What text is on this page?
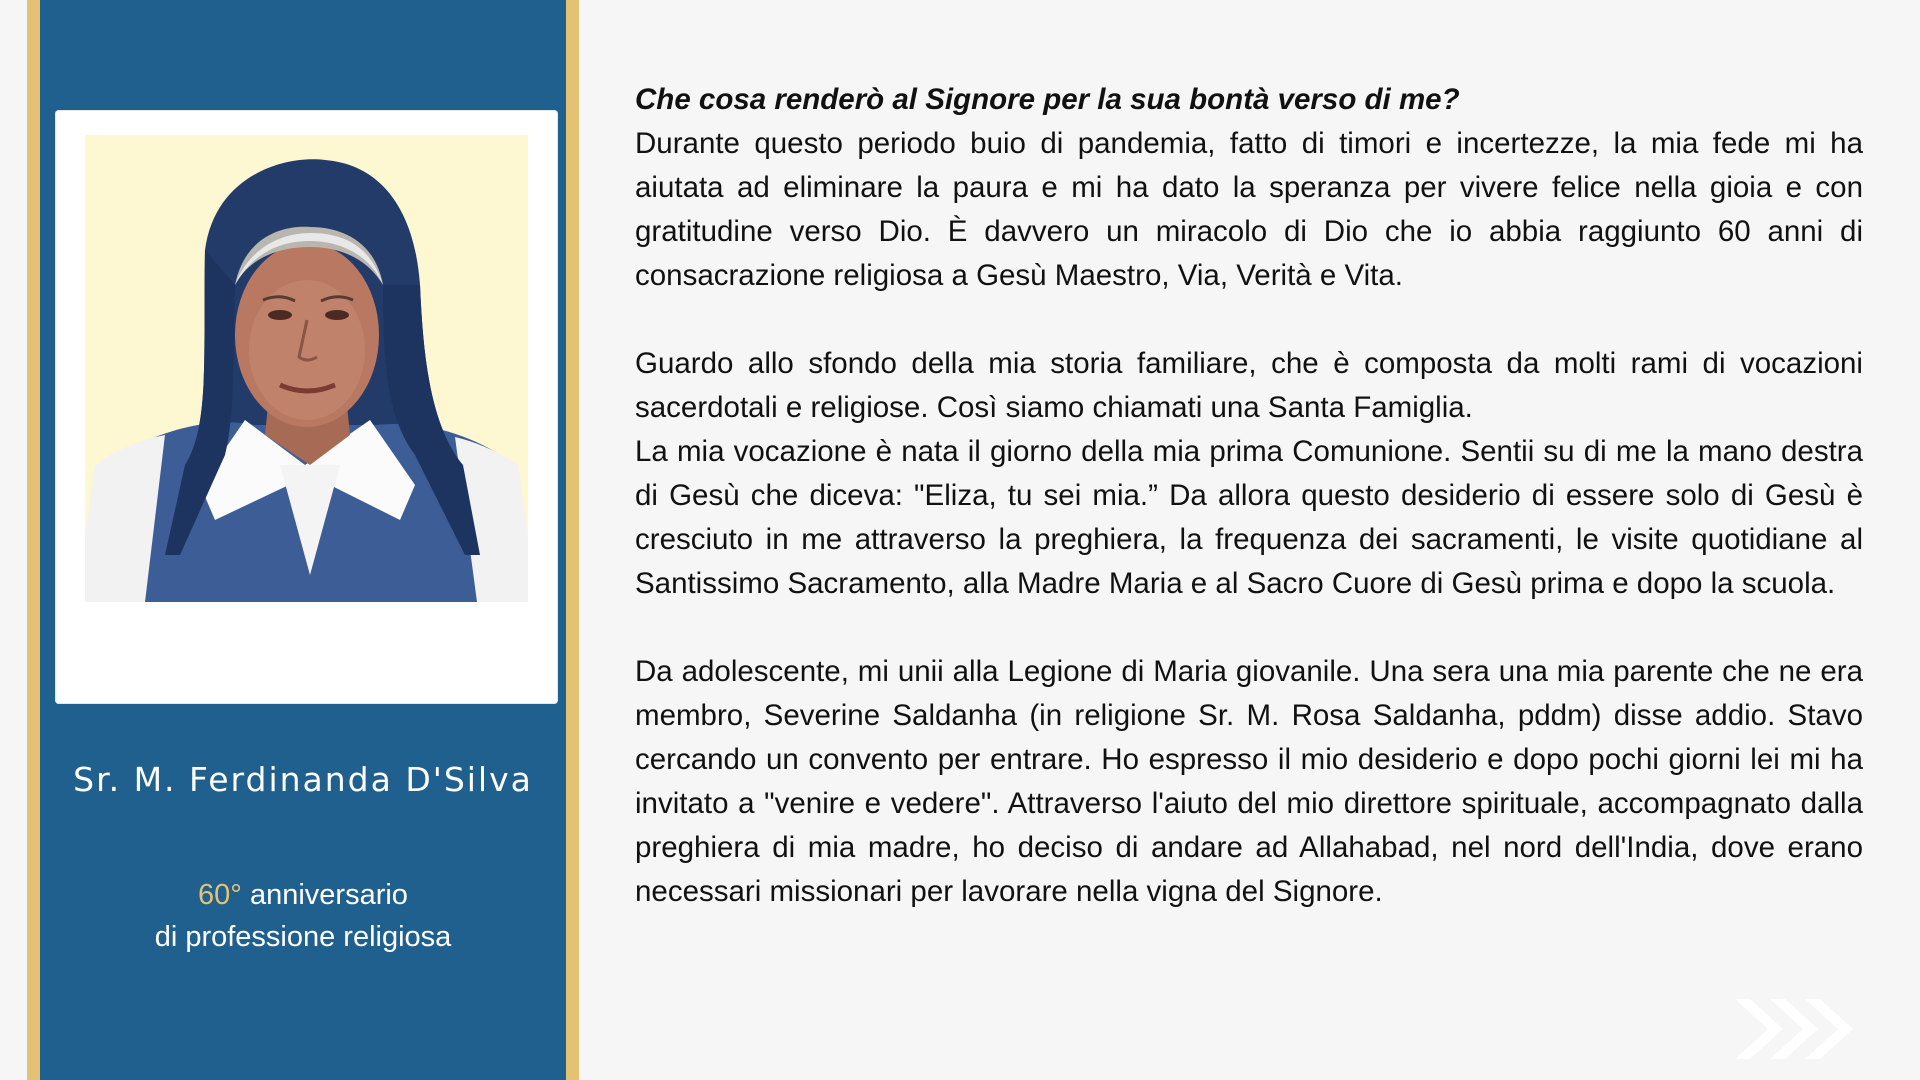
Sr. M. Ferdinanda D'Silva
60° anniversario
di professione religiosa

Che cosa renderò al Signore per la sua bontà verso di me?

Durante questo periodo buio di pandemia, fatto di timori e incertezze, la mia fede mi ha aiutata ad eliminare la paura e mi ha dato la speranza per vivere felice nella gioia e con gratitudine verso Dio. È davvero un miracolo di Dio che io abbia raggiunto 60 anni di consacrazione religiosa a Gesù Maestro, Via, Verità e Vita.

Guardo allo sfondo della mia storia familiare, che è composta da molti rami di vocazioni sacerdotali e religiose. Così siamo chiamati una Santa Famiglia.

La mia vocazione è nata il giorno della mia prima Comunione. Sentii su di me la mano destra di Gesù che diceva: "Eliza, tu sei mia.” Da allora questo desiderio di essere solo di Gesù è cresciuto in me attraverso la preghiera, la frequenza dei sacramenti, le visite quotidiane al Santissimo Sacramento, alla Madre Maria e al Sacro Cuore di Gesù prima e dopo la scuola.

Da adolescente, mi unii alla Legione di Maria giovanile. Una sera una mia parente che ne era membro, Severine Saldanha (in religione Sr. M. Rosa Saldanha, pddm) disse addio. Stavo cercando un convento per entrare. Ho espresso il mio desiderio e dopo pochi giorni lei mi ha invitato a "venire e vedere". Attraverso l'aiuto del mio direttore spirituale, accompagnato dalla preghiera di mia madre, ho deciso di andare ad Allahabad, nel nord dell'India, dove erano necessari missionari per lavorare nella vigna del Signore.
